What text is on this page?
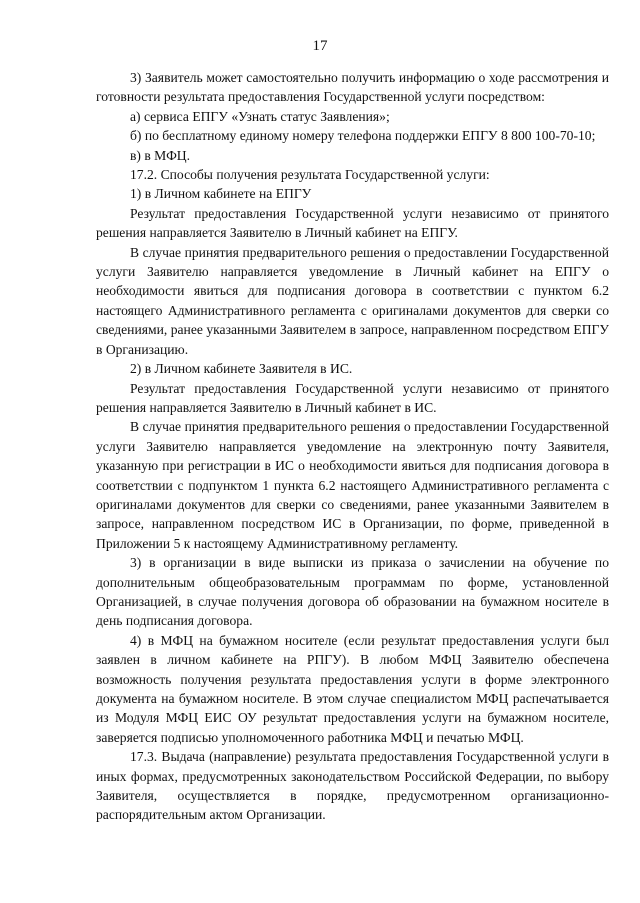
17

3) Заявитель может самостоятельно получить информацию о ходе рассмотрения и готовности результата предоставления Государственной услуги посредством:

а) сервиса ЕПГУ «Узнать статус Заявления»;

б) по бесплатному единому номеру телефона поддержки ЕПГУ 8 800 100-70-10;

в) в МФЦ.

17.2. Способы получения результата Государственной услуги:

1) в Личном кабинете на ЕПГУ

Результат предоставления Государственной услуги независимо от принятого решения направляется Заявителю в Личный кабинет на ЕПГУ.

В случае принятия предварительного решения о предоставлении Государственной услуги Заявителю направляется уведомление в Личный кабинет на ЕПГУ о необходимости явиться для подписания договора в соответствии с пунктом 6.2 настоящего Административного регламента с оригиналами документов для сверки со сведениями, ранее указанными Заявителем в запросе, направленном посредством ЕПГУ в Организацию.

2) в Личном кабинете Заявителя в ИС.

Результат предоставления Государственной услуги независимо от принятого решения направляется Заявителю в Личный кабинет в ИС.

В случае принятия предварительного решения о предоставлении Государственной услуги Заявителю направляется уведомление на электронную почту Заявителя, указанную при регистрации в ИС о необходимости явиться для подписания договора в соответствии с подпунктом 1 пункта 6.2 настоящего Административного регламента с оригиналами документов для сверки со сведениями, ранее указанными Заявителем в запросе, направленном посредством ИС в Организации, по форме, приведенной в Приложении 5 к настоящему Административному регламенту.

3) в организации в виде выписки из приказа о зачислении на обучение по дополнительным общеобразовательным программам по форме, установленной Организацией, в случае получения договора об образовании на бумажном носителе в день подписания договора.

4) в МФЦ на бумажном носителе (если результат предоставления услуги был заявлен в личном кабинете на РПГУ). В любом МФЦ Заявителю обеспечена возможность получения результата предоставления услуги в форме электронного документа на бумажном носителе. В этом случае специалистом МФЦ распечатывается из Модуля МФЦ ЕИС ОУ результат предоставления услуги на бумажном носителе, заверяется подписью уполномоченного работника МФЦ и печатью МФЦ.

17.3. Выдача (направление) результата предоставления Государственной услуги в иных формах, предусмотренных законодательством Российской Федерации, по выбору Заявителя, осуществляется в порядке, предусмотренном организационно-распорядительным актом Организации.
